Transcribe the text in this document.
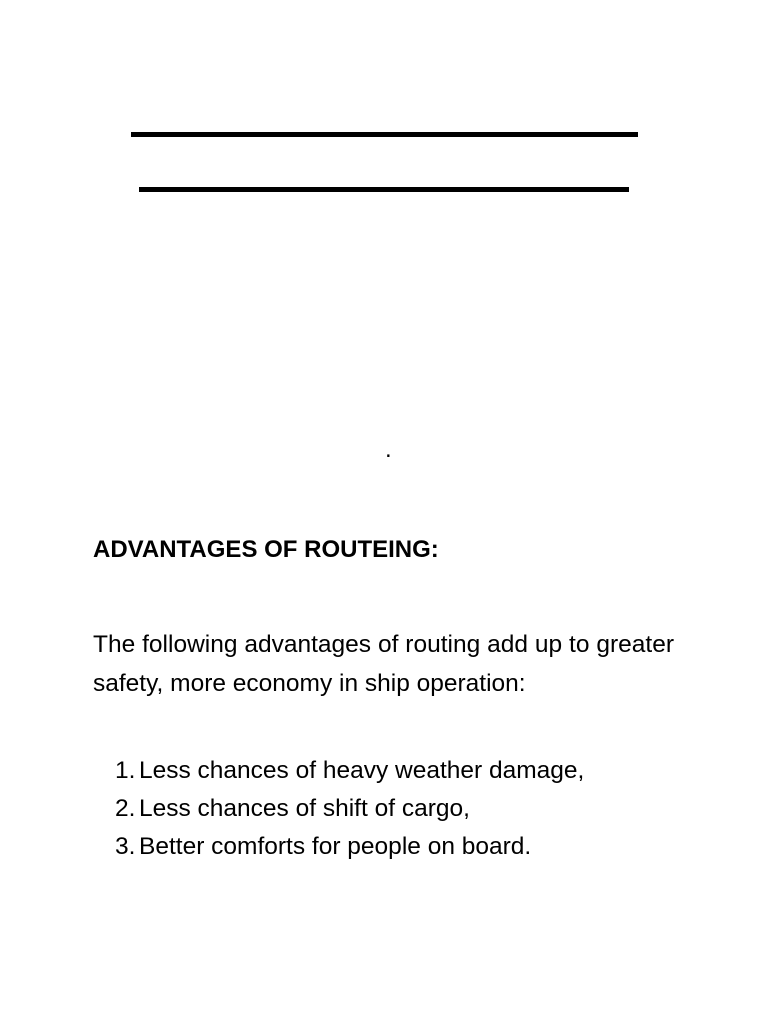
.
ADVANTAGES OF ROUTEING:
The following advantages of routing add up to greater safety, more economy in ship operation:
1. Less chances of heavy weather damage,
2. Less chances of shift of cargo,
3. Better comforts for people on board.
